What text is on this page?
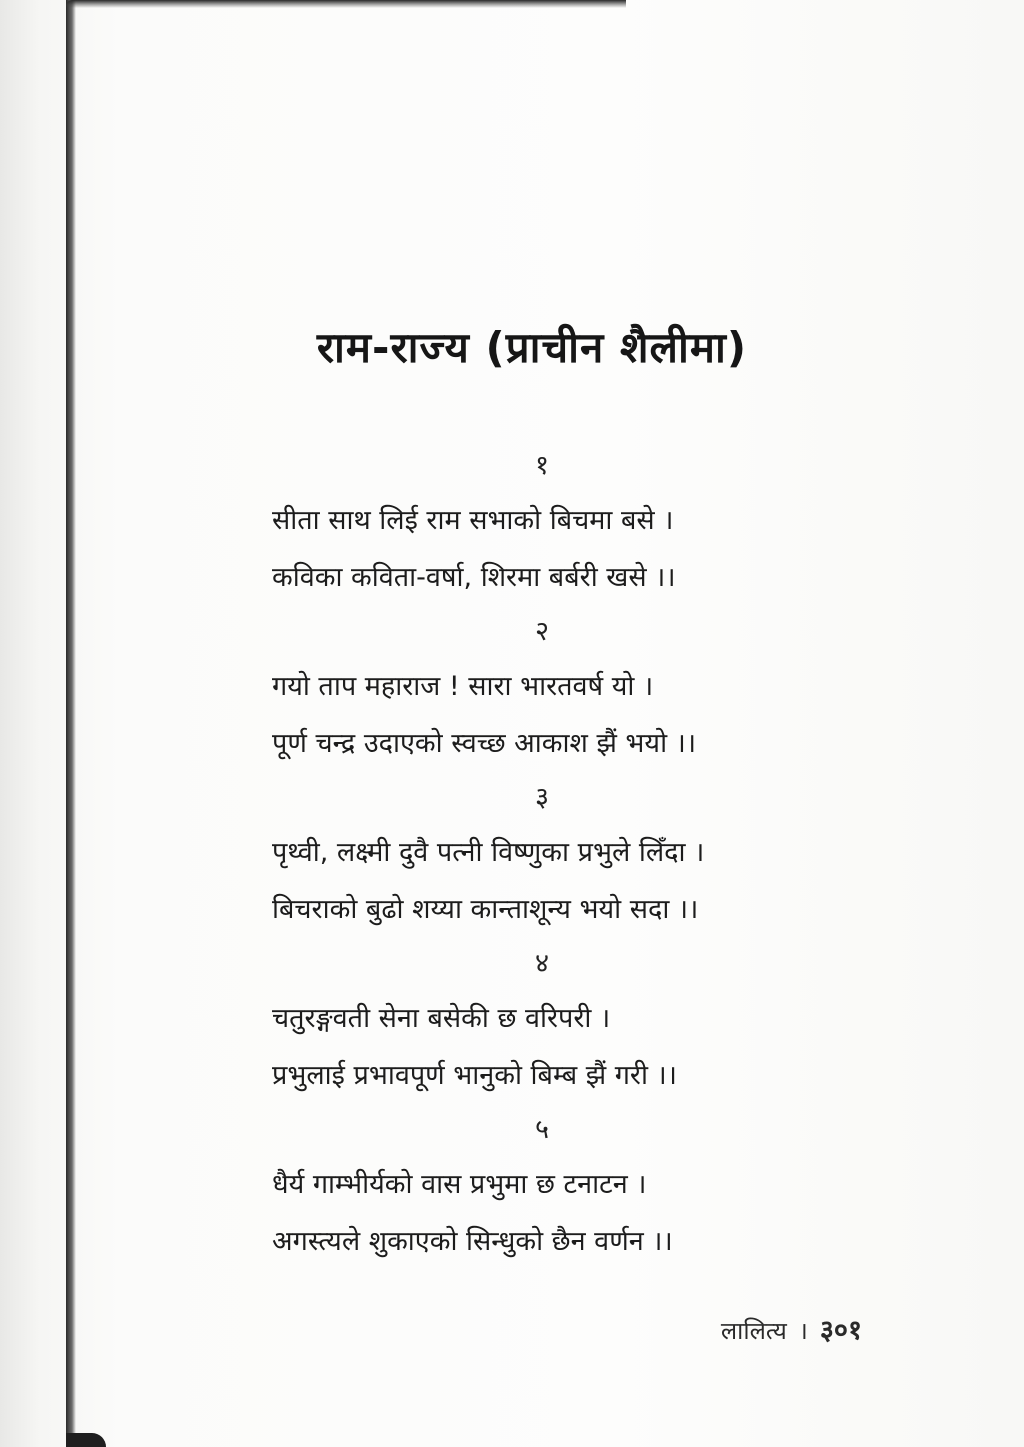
राम-राज्य (प्राचीन शैलीमा)
१
सीता साथ लिई राम सभाको बिचमा बसे ।
कविका कविता-वर्षा, शिरमा बर्बरी खसे ।।
२
गयो ताप महाराज ! सारा भारतवर्ष यो ।
पूर्ण चन्द्र उदाएको स्वच्छ आकाश झैं भयो ।।
३
पृथ्वी, लक्ष्मी दुवै पत्नी विष्णुका प्रभुले लिँदा ।
बिचराको बुढो शय्या कान्ताशून्य भयो सदा ।।
४
चतुरङ्गवती सेना बसेकी छ वरिपरी ।
प्रभुलाई प्रभावपूर्ण भानुको बिम्ब झैं गरी ।।
५
धैर्य गाम्भीर्यको वास प्रभुमा छ टनाटन ।
अगस्त्यले शुकाएको सिन्धुको छैन वर्णन ।।
लालित्य । ३०१
